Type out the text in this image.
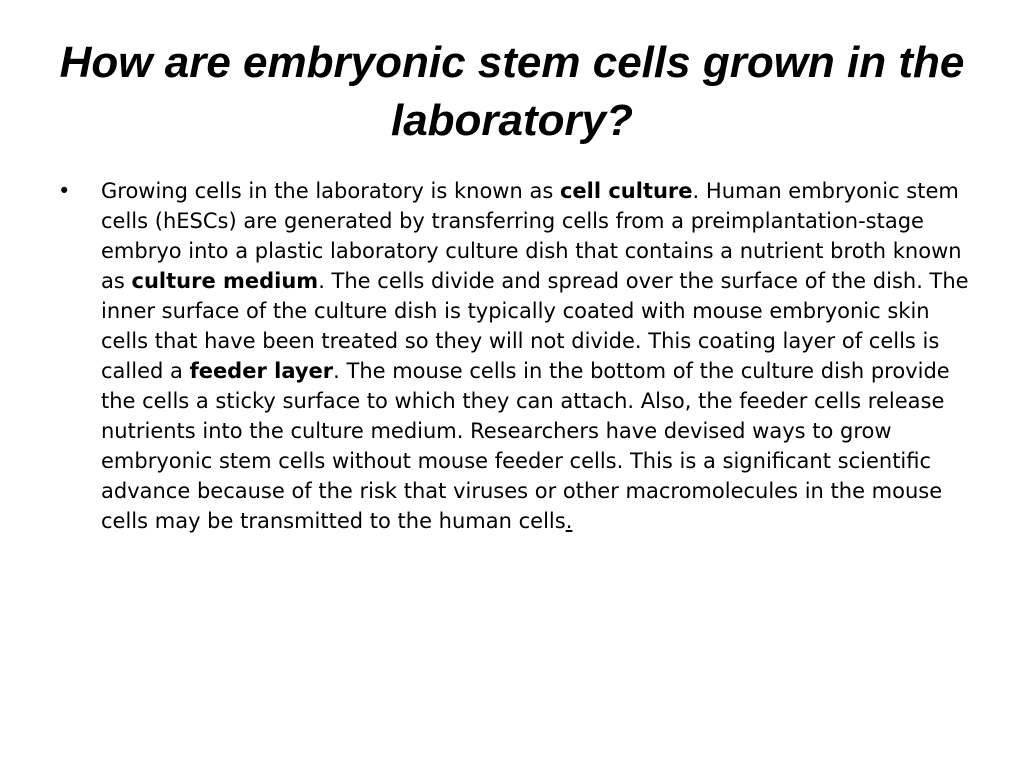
How are embryonic stem cells grown in the laboratory?
• Growing cells in the laboratory is known as cell culture. Human embryonic stem cells (hESCs) are generated by transferring cells from a preimplantation-stage embryo into a plastic laboratory culture dish that contains a nutrient broth known as culture medium. The cells divide and spread over the surface of the dish. The inner surface of the culture dish is typically coated with mouse embryonic skin cells that have been treated so they will not divide. This coating layer of cells is called a feeder layer. The mouse cells in the bottom of the culture dish provide the cells a sticky surface to which they can attach. Also, the feeder cells release nutrients into the culture medium. Researchers have devised ways to grow embryonic stem cells without mouse feeder cells. This is a significant scientific advance because of the risk that viruses or other macromolecules in the mouse cells may be transmitted to the human cells.
